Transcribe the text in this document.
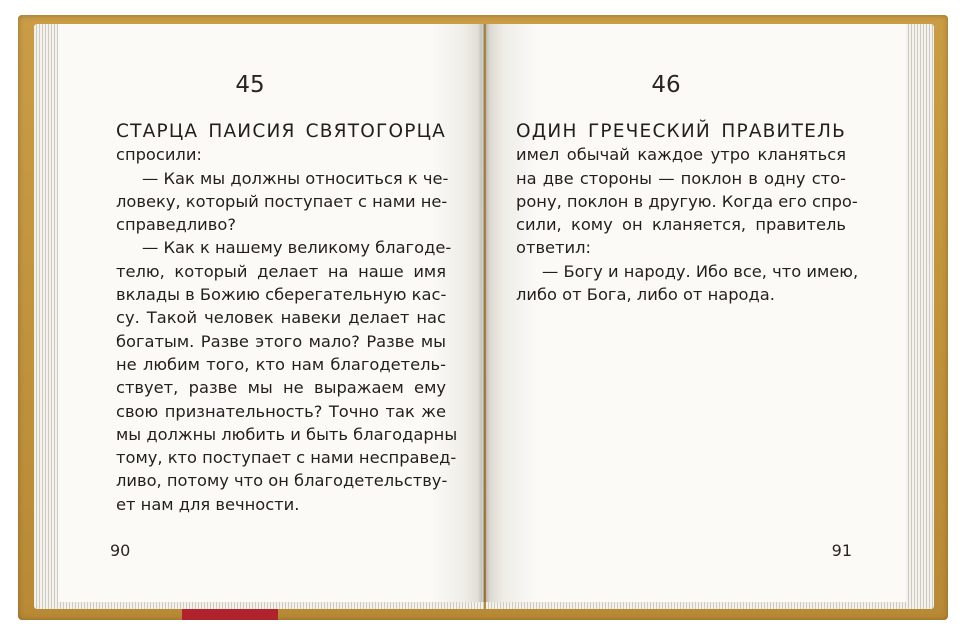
45
СТАРЦА ПАИСИЯ СВЯТОГОРЦА
спросили:
— Как мы должны относиться к че-
ловеку, который поступает с нами не-
справедливо?
— Как к нашему великому благоде-
телю, который делает на наше имя
вклады в Божию сберегательную кас-
су. Такой человек навеки делает нас
богатым. Разве этого мало? Разве мы
не любим того, кто нам благодетель-
ствует, разве мы не выражаем ему
свою признательность? Точно так же
мы должны любить и быть благодарны
тому, кто поступает с нами несправед-
ливо, потому что он благодетельству-
ет нам для вечности.
90

46
ОДИН ГРЕЧЕСКИЙ ПРАВИТЕЛЬ
имел обычай каждое утро кланяться
на две стороны — поклон в одну сто-
рону, поклон в другую. Когда его спро-
сили, кому он кланяется, правитель
ответил:
— Богу и народу. Ибо все, что имею,
либо от Бога, либо от народа.
91
